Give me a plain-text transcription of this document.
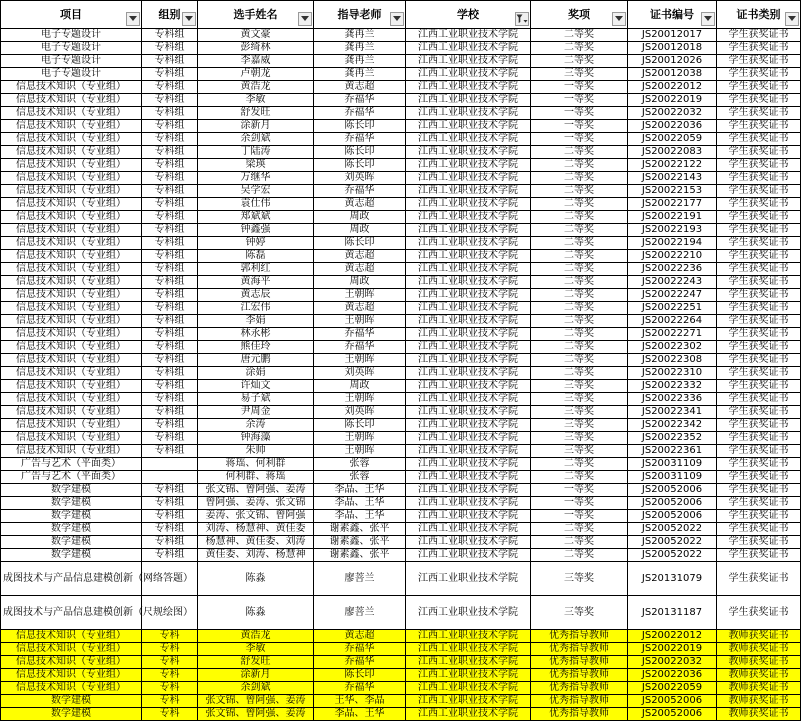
项目	组别	选手姓名	指导老师	学校	奖项	证书编号	证书类别

电子专题设计	专科组	黄文豪	龚再兰	江西工业职业技术学院	二等奖	JS20012017	学生获奖证书
电子专题设计	专科组	彭绮林	龚再兰	江西工业职业技术学院	二等奖	JS20012018	学生获奖证书
电子专题设计	专科组	李嘉威	龚再兰	江西工业职业技术学院	二等奖	JS20012026	学生获奖证书
电子专题设计	专科组	卢朝龙	龚再兰	江西工业职业技术学院	三等奖	JS20012038	学生获奖证书
信息技术知识（专业组）	专科组	黄浩龙	黄志超	江西工业职业技术学院	一等奖	JS20022012	学生获奖证书
信息技术知识（专业组）	专科组	李敏	乔福华	江西工业职业技术学院	一等奖	JS20022019	学生获奖证书
信息技术知识（专业组）	专科组	舒发旺	乔福华	江西工业职业技术学院	一等奖	JS20022032	学生获奖证书
信息技术知识（专业组）	专科组	涂新月	陈长印	江西工业职业技术学院	一等奖	JS20022036	学生获奖证书
信息技术知识（专业组）	专科组	余剑斌	乔福华	江西工业职业技术学院	一等奖	JS20022059	学生获奖证书
信息技术知识（专业组）	专科组	丁陆涛	陈长印	江西工业职业技术学院	二等奖	JS20022083	学生获奖证书
信息技术知识（专业组）	专科组	梁瑛	陈长印	江西工业职业技术学院	二等奖	JS20022122	学生获奖证书
信息技术知识（专业组）	专科组	万继华	刘英晖	江西工业职业技术学院	二等奖	JS20022143	学生获奖证书
信息技术知识（专业组）	专科组	吴学宏	乔福华	江西工业职业技术学院	二等奖	JS20022153	学生获奖证书
信息技术知识（专业组）	专科组	袁仕伟	黄志超	江西工业职业技术学院	二等奖	JS20022177	学生获奖证书
信息技术知识（专业组）	专科组	郑斌斌	周政	江西工业职业技术学院	二等奖	JS20022191	学生获奖证书
信息技术知识（专业组）	专科组	钟鑫强	周政	江西工业职业技术学院	二等奖	JS20022193	学生获奖证书
信息技术知识（专业组）	专科组	钟婷	陈长印	江西工业职业技术学院	二等奖	JS20022194	学生获奖证书
信息技术知识（专业组）	专科组	陈磊	黄志超	江西工业职业技术学院	二等奖	JS20022210	学生获奖证书
信息技术知识（专业组）	专科组	郭利红	黄志超	江西工业职业技术学院	二等奖	JS20022236	学生获奖证书
信息技术知识（专业组）	专科组	黄海平	周政	江西工业职业技术学院	二等奖	JS20022243	学生获奖证书
信息技术知识（专业组）	专科组	黄志辰	王朝晖	江西工业职业技术学院	二等奖	JS20022247	学生获奖证书
信息技术知识（专业组）	专科组	江宏伟	黄志超	江西工业职业技术学院	二等奖	JS20022251	学生获奖证书
信息技术知识（专业组）	专科组	李娟	王朝晖	江西工业职业技术学院	二等奖	JS20022264	学生获奖证书
信息技术知识（专业组）	专科组	林永彬	乔福华	江西工业职业技术学院	二等奖	JS20022271	学生获奖证书
信息技术知识（专业组）	专科组	熊佳玲	乔福华	江西工业职业技术学院	二等奖	JS20022302	学生获奖证书
信息技术知识（专业组）	专科组	唐元鹏	王朝晖	江西工业职业技术学院	二等奖	JS20022308	学生获奖证书
信息技术知识（专业组）	专科组	涂娟	刘英晖	江西工业职业技术学院	二等奖	JS20022310	学生获奖证书
信息技术知识（专业组）	专科组	许灿文	周政	江西工业职业技术学院	三等奖	JS20022332	学生获奖证书
信息技术知识（专业组）	专科组	易子斌	王朝晖	江西工业职业技术学院	三等奖	JS20022336	学生获奖证书
信息技术知识（专业组）	专科组	尹周金	刘英晖	江西工业职业技术学院	三等奖	JS20022341	学生获奖证书
信息技术知识（专业组）	专科组	余涛	陈长印	江西工业职业技术学院	三等奖	JS20022342	学生获奖证书
信息技术知识（专业组）	专科组	钟海藻	王朝晖	江西工业职业技术学院	三等奖	JS20022352	学生获奖证书
信息技术知识（专业组）	专科组	朱帅	王朝晖	江西工业职业技术学院	三等奖	JS20022361	学生获奖证书
广告与艺术（平面类）		蒋瑶、何利群	张蓉	江西工业职业技术学院	二等奖	JS20031109	学生获奖证书
广告与艺术（平面类）		何利群、蒋瑶	张蓉	江西工业职业技术学院	二等奖	JS20031109	学生获奖证书
数学建模	专科组	张文锦、曾阿强、姜涛	李晶、王华	江西工业职业技术学院	一等奖	JS20052006	学生获奖证书
数学建模	专科组	曾阿强、姜涛、张文锦	李晶、王华	江西工业职业技术学院	一等奖	JS20052006	学生获奖证书
数学建模	专科组	姜涛、张文锦、曾阿强	李晶、王华	江西工业职业技术学院	一等奖	JS20052006	学生获奖证书
数学建模	专科组	刘涛、杨慧神、黄佳委	谢素鑫、张平	江西工业职业技术学院	二等奖	JS20052022	学生获奖证书
数学建模	专科组	杨慧神、黄佳委、刘涛	谢素鑫、张平	江西工业职业技术学院	二等奖	JS20052022	学生获奖证书
数学建模	专科组	黄佳委、刘涛、杨慧神	谢素鑫、张平	江西工业职业技术学院	二等奖	JS20052022	学生获奖证书
成图技术与产品信息建模创新（网络答题）		陈淼	廖菩兰	江西工业职业技术学院	三等奖	JS20131079	学生获奖证书
成图技术与产品信息建模创新（尺规绘图）		陈淼	廖菩兰	江西工业职业技术学院	三等奖	JS20131187	学生获奖证书
信息技术知识（专业组）	专科	黄浩龙	黄志超	江西工业职业技术学院	优秀指导教师	JS20022012	教师获奖证书
信息技术知识（专业组）	专科	李敏	乔福华	江西工业职业技术学院	优秀指导教师	JS20022019	教师获奖证书
信息技术知识（专业组）	专科	舒发旺	乔福华	江西工业职业技术学院	优秀指导教师	JS20022032	教师获奖证书
信息技术知识（专业组）	专科	涂新月	陈长印	江西工业职业技术学院	优秀指导教师	JS20022036	教师获奖证书
信息技术知识（专业组）	专科	余剑斌	乔福华	江西工业职业技术学院	优秀指导教师	JS20022059	教师获奖证书
数学建模	专科	张文锦、曾阿强、姜涛	王华、李晶	江西工业职业技术学院	优秀指导教师	JS20052006	教师获奖证书
数学建模	专科	张文锦、曾阿强、姜涛	李晶、王华	江西工业职业技术学院	优秀指导教师	JS20052006	教师获奖证书
